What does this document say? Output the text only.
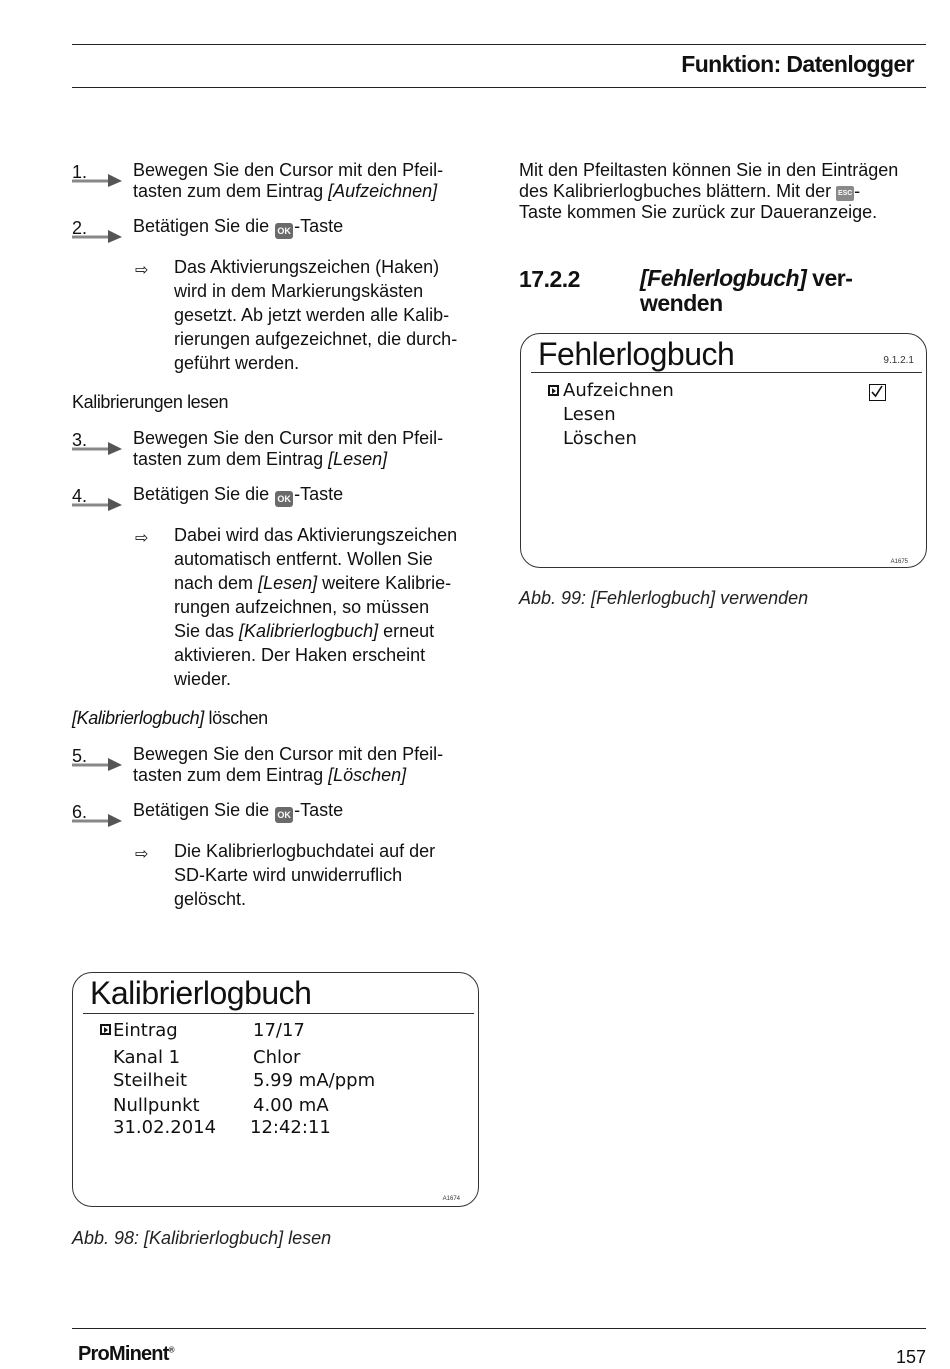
Funktion: Datenlogger
1.	Bewegen Sie den Cursor mit den Pfeil-
tasten zum dem Eintrag [Aufzeichnen]
2.	Betätigen Sie die OK -Taste
⇨ Das Aktivierungszeichen (Haken)
wird in dem Markierungskästen
gesetzt. Ab jetzt werden alle Kalib-
rierungen aufgezeichnet, die durch-
geführt werden.
Kalibrierungen lesen
3.	Bewegen Sie den Cursor mit den Pfeil-
tasten zum dem Eintrag [Lesen]
4.	Betätigen Sie die OK -Taste
⇨ Dabei wird das Aktivierungszeichen
automatisch entfernt. Wollen Sie
nach dem [Lesen] weitere Kalibrie-
rungen aufzeichnen, so müssen
Sie das [Kalibrierlogbuch] erneut
aktivieren. Der Haken erscheint
wieder.
[Kalibrierlogbuch] löschen
5.	Bewegen Sie den Cursor mit den Pfeil-
tasten zum dem Eintrag [Löschen]
6.	Betätigen Sie die OK -Taste
⇨ Die Kalibrierlogbuchdatei auf der
SD-Karte wird unwiderruflich
gelöscht.
Kalibrierlogbuch
Eintrag	17/17
Kanal 1	Chlor
Steilheit	5.99 mA/ppm
Nullpunkt	4.00 mA
31.02.2014 12:42:11
A1674
Abb. 98: [Kalibrierlogbuch] lesen
Mit den Pfeiltasten können Sie in den Einträgen
des Kalibrierlogbuches blättern. Mit der ESC-
Taste kommen Sie zurück zur Daueranzeige.
17.2.2	[Fehlerlogbuch] ver-
wenden
Fehlerlogbuch	9.1.2.1
Aufzeichnen
Lesen
Löschen
A1675
Abb. 99: [Fehlerlogbuch] verwenden
ProMinent®	157
